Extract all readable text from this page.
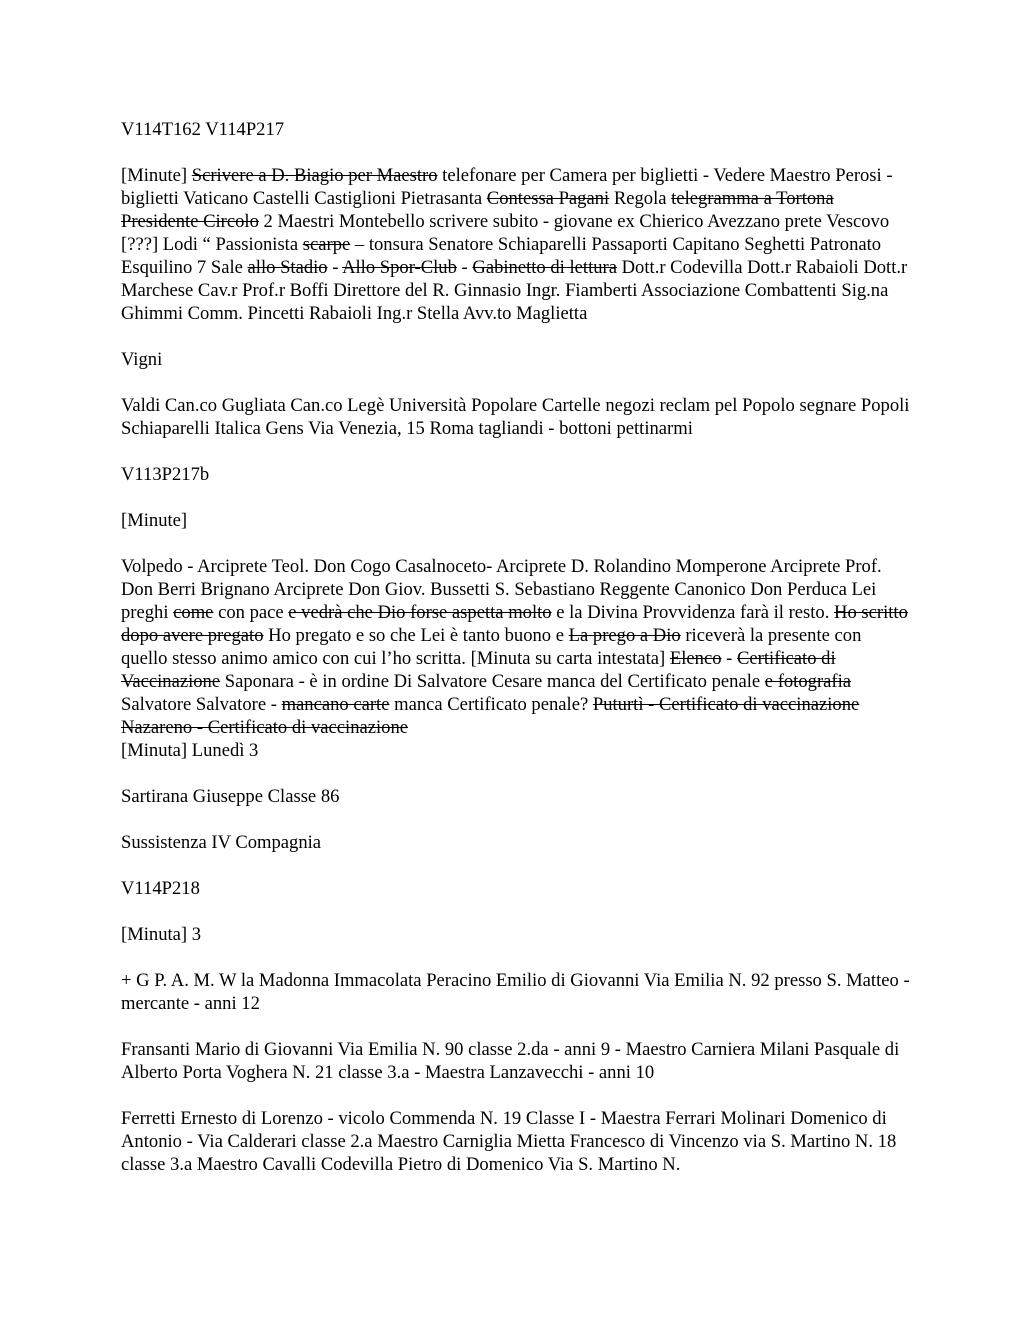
V114T162 V114P217

[Minute] Scrivere a D. Biagio per Maestro telefonare per Camera per biglietti - Vedere Maestro Perosi - biglietti Vaticano Castelli Castiglioni Pietrasanta Contessa Pagani Regola telegramma a Tortona Presidente Circolo 2 Maestri Montebello scrivere subito - giovane ex Chierico Avezzano prete Vescovo [???] Lodi “ Passionista scarpe – tonsura Senatore Schiaparelli Passaporti Capitano Seghetti Patronato Esquilino 7 Sale allo Stadio - Allo Spor-Club - Gabinetto di lettura Dott.r Codevilla Dott.r Rabaioli Dott.r Marchese Cav.r Prof.r Boffi Direttore del R. Ginnasio Ingr. Fiamberti Associazione Combattenti Sig.na Ghimmi Comm. Pincetti Rabaioli Ing.r Stella Avv.to Maglietta

Vigni

Valdi Can.co Gugliata Can.co Legè Università Popolare Cartelle negozi reclam pel Popolo segnare Popoli Schiaparelli Italica Gens Via Venezia, 15 Roma tagliandi - bottoni pettinarmi

V113P217b

[Minute]

Volpedo - Arciprete Teol. Don Cogo Casalnoceto- Arciprete D. Rolandino Momperone Arciprete Prof. Don Berri Brignano Arciprete Don Giov. Bussetti S. Sebastiano Reggente Canonico Don Perduca Lei preghi come con pace e vedrà che Dio forse aspetta molto e la Divina Provvidenza farà il resto. Ho scritto dopo avere pregato Ho pregato e so che Lei è tanto buono e La prego a Dio riceverà la presente con quello stesso animo amico con cui l’ho scritta. [Minuta su carta intestata] Elenco - Certificato di Vaccinazione Saponara - è in ordine Di Salvatore Cesare manca del Certificato penale e fotografia Salvatore Salvatore - mancano carte manca Certificato penale? Puturtì - Certificato di vaccinazione Nazareno - Certificato di vaccinazione

[Minuta] Lunedì 3

Sartirana Giuseppe Classe 86

Sussistenza IV Compagnia

V114P218

[Minuta] 3

+ G P. A. M. W la Madonna Immacolata Peracino Emilio di Giovanni Via Emilia N. 92 presso S. Matteo - mercante - anni 12

Fransanti Mario di Giovanni Via Emilia N. 90 classe 2.da - anni 9 - Maestro Carniera Milani Pasquale di Alberto Porta Voghera N. 21 classe 3.a - Maestra Lanzavecchi - anni 10

Ferretti Ernesto di Lorenzo - vicolo Commenda N. 19 Classe I - Maestra Ferrari Molinari Domenico di Antonio - Via Calderari classe 2.a Maestro Carniglia Mietta Francesco di Vincenzo via S. Martino N. 18 classe 3.a Maestro Cavalli Codevilla Pietro di Domenico Via S. Martino N.
